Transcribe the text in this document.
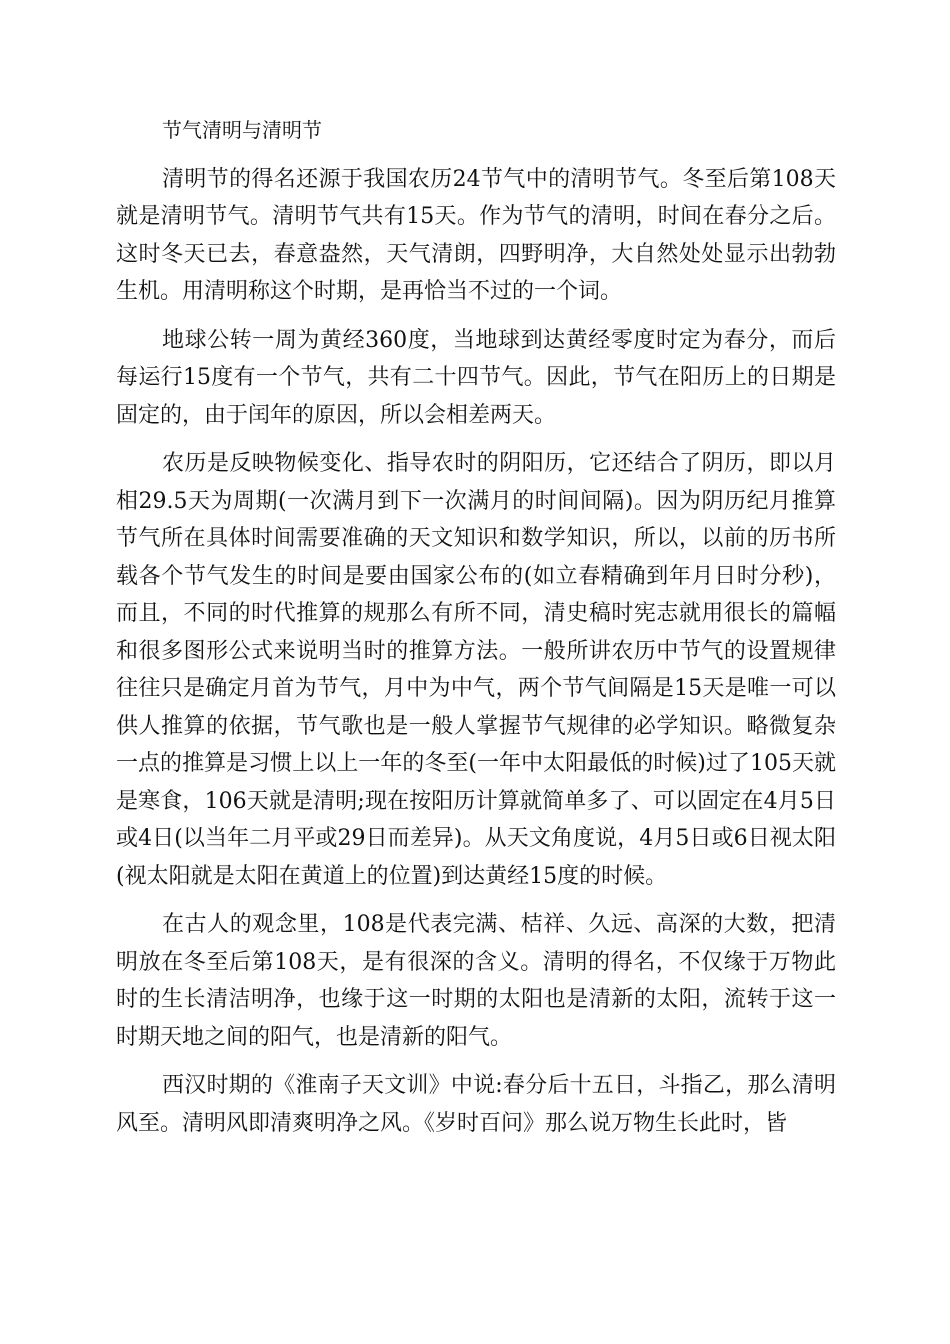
节气清明与清明节

清明节的得名还源于我国农历24节气中的清明节气。冬至后第108天就是清明节气。清明节气共有15天。作为节气的清明，时间在春分之后。这时冬天已去，春意盎然，天气清朗，四野明净，大自然处处显示出勃勃生机。用清明称这个时期，是再恰当不过的一个词。

地球公转一周为黄经360度，当地球到达黄经零度时定为春分，而后每运行15度有一个节气，共有二十四节气。因此，节气在阳历上的日期是固定的，由于闰年的原因，所以会相差两天。

农历是反映物候变化、指导农时的阴阳历，它还结合了阴历，即以月相29.5天为周期(一次满月到下一次满月的时间间隔)。因为阴历纪月推算节气所在具体时间需要准确的天文知识和数学知识，所以，以前的历书所载各个节气发生的时间是要由国家公布的(如立春精确到年月日时分秒)，而且，不同的时代推算的规那么有所不同，清史稿时宪志就用很长的篇幅和很多图形公式来说明当时的推算方法。一般所讲农历中节气的设置规律往往只是确定月首为节气，月中为中气，两个节气间隔是15天是唯一可以供人推算的依据，节气歌也是一般人掌握节气规律的必学知识。略微复杂一点的推算是习惯上以上一年的冬至(一年中太阳最低的时候)过了105天就是寒食，106天就是清明;现在按阳历计算就简单多了、可以固定在4月5日或4日(以当年二月平或29日而差异)。从天文角度说，4月5日或6日视太阳(视太阳就是太阳在黄道上的位置)到达黄经15度的时候。

在古人的观念里，108是代表完满、桔祥、久远、高深的大数，把清明放在冬至后第108天，是有很深的含义。清明的得名，不仅缘于万物此时的生长清洁明净，也缘于这一时期的太阳也是清新的太阳，流转于这一时期天地之间的阳气，也是清新的阳气。

西汉时期的《淮南子天文训》中说:春分后十五日，斗指乙，那么清明风至。清明风即清爽明净之风。《岁时百问》那么说万物生长此时，皆
